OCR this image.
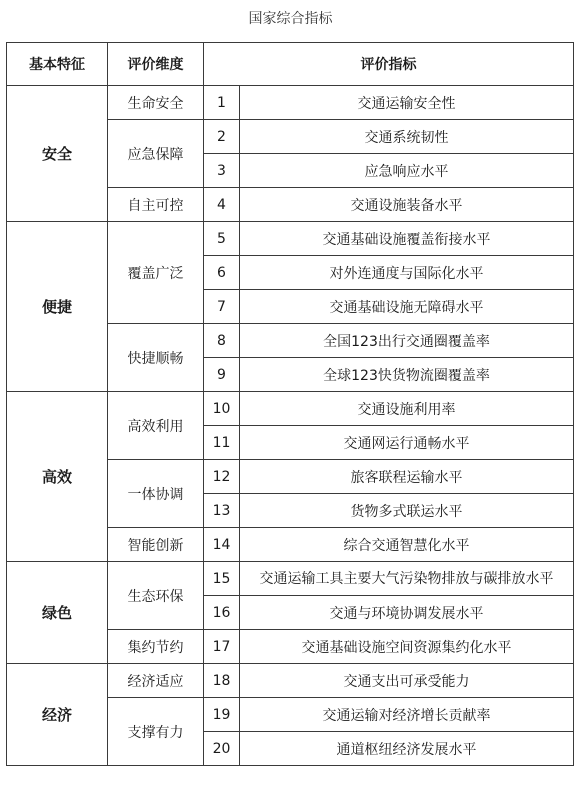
国家综合指标
基本特征	评价维度	评价指标	
安全	生命安全	1	交通运输安全性
	应急保障	2	交通系统韧性
		3	应急响应水平
	自主可控	4	交通设施装备水平
便捷	覆盖广泛	5	交通基础设施覆盖衔接水平
		6	对外连通度与国际化水平
		7	交通基础设施无障碍水平
	快捷顺畅	8	全国123出行交通圈覆盖率
		9	全球123快货物流圈覆盖率
高效	高效利用	10	交通设施利用率
		11	交通网运行通畅水平
	一体协调	12	旅客联程运输水平
		13	货物多式联运水平
	智能创新	14	综合交通智慧化水平
绿色	生态环保	15	交通运输工具主要大气污染物排放与碳排放水平
		16	交通与环境协调发展水平
	集约节约	17	交通基础设施空间资源集约化水平
经济	经济适应	18	交通支出可承受能力
	支撑有力	19	交通运输对经济增长贡献率
		20	通道枢纽经济发展水平
